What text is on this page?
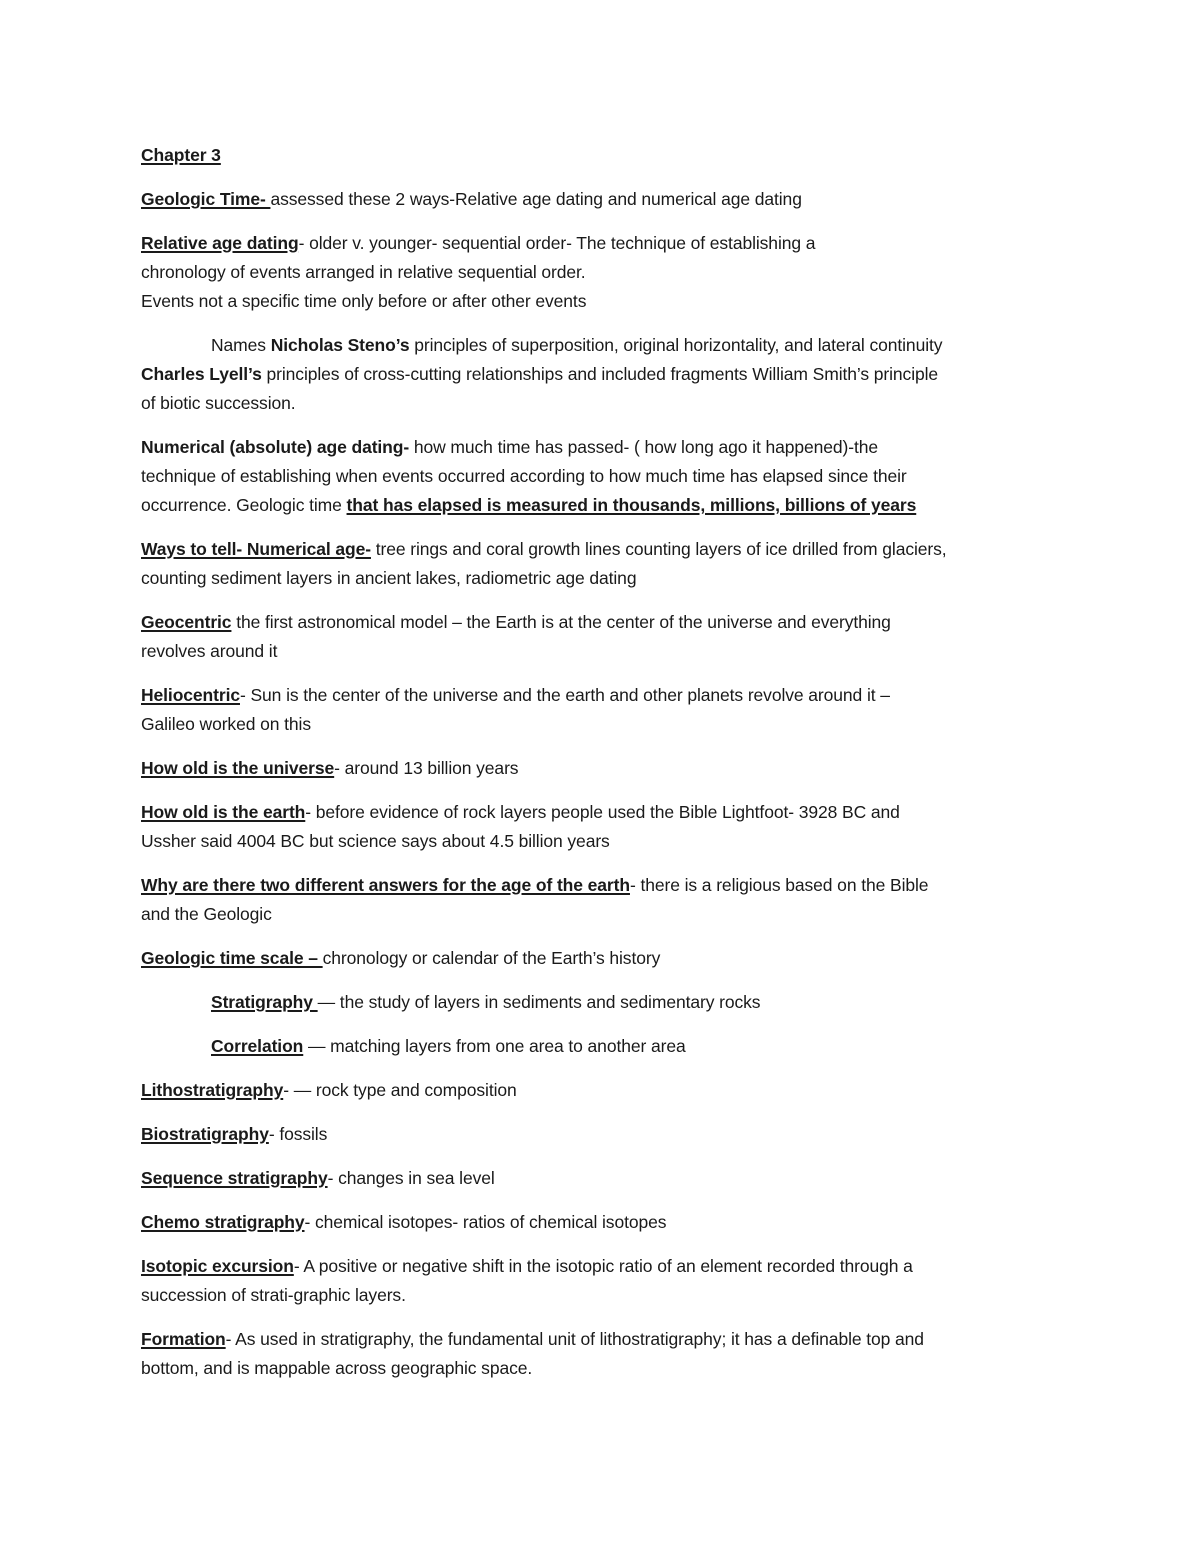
Chapter 3

Geologic Time- assessed these 2 ways-Relative age dating and numerical age dating

Relative age dating- older v. younger- sequential order- The technique of establishing a
chronology of events arranged in relative sequential order.
Events not a specific time only before or after other events

Names Nicholas Steno’s principles of superposition, original horizontality, and lateral continuity
Charles Lyell’s principles of cross-cutting relationships and included fragments William Smith’s principle
of biotic succession.

Numerical (absolute) age dating- how much time has passed- ( how long ago it happened)-the
technique of establishing when events occurred according to how much time has elapsed since their
occurrence. Geologic time that has elapsed is measured in thousands, millions, billions of years

Ways to tell- Numerical age- tree rings and coral growth lines counting layers of ice drilled from glaciers,
counting sediment layers in ancient lakes, radiometric age dating

Geocentric the first astronomical model – the Earth is at the center of the universe and everything
revolves around it

Heliocentric- Sun is the center of the universe and the earth and other planets revolve around it –
Galileo worked on this

How old is the universe- around 13 billion years

How old is the earth- before evidence of rock layers people used the Bible Lightfoot- 3928 BC and
Ussher said 4004 BC but science says about 4.5 billion years

Why are there two different answers for the age of the earth- there is a religious based on the Bible
and the Geologic

Geologic time scale – chronology or calendar of the Earth’s history

Stratigraphy — the study of layers in sediments and sedimentary rocks

Correlation — matching layers from one area to another area

Lithostratigraphy- — rock type and composition

Biostratigraphy- fossils

Sequence stratigraphy- changes in sea level

Chemo stratigraphy- chemical isotopes- ratios of chemical isotopes

Isotopic excursion- A positive or negative shift in the isotopic ratio of an element recorded through a
succession of strati-graphic layers.

Formation- As used in stratigraphy, the fundamental unit of lithostratigraphy; it has a definable top and
bottom, and is mappable across geographic space.
